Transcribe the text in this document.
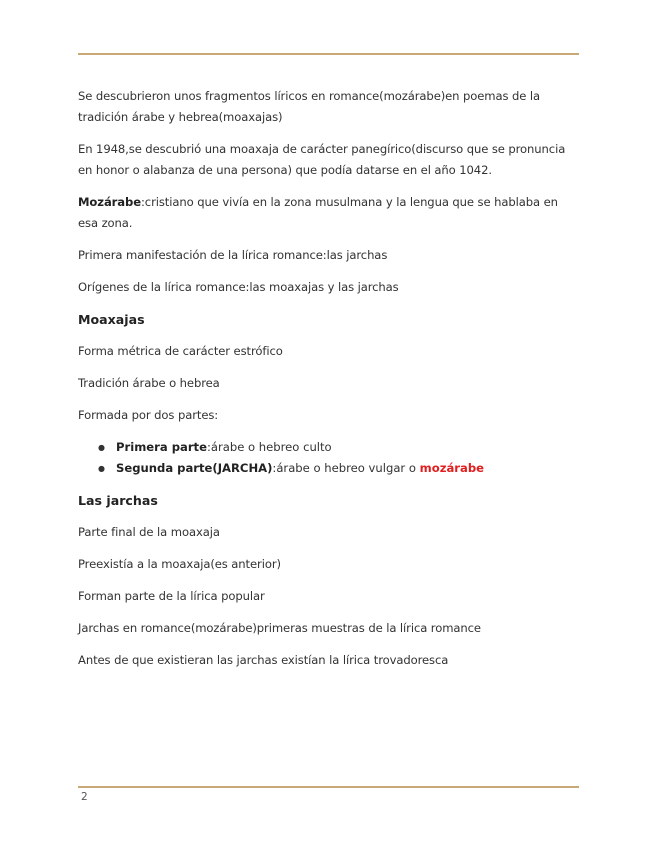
Se descubrieron unos fragmentos líricos en romance(mozárabe)en poemas de la tradición árabe y hebrea(moaxajas)

En 1948,se descubrió una moaxaja de carácter panegírico(discurso que se pronuncia en honor o alabanza de una persona) que podía datarse en el año 1042.

Mozárabe:cristiano que vivía en la zona musulmana y la lengua que se hablaba en esa zona.

Primera manifestación de la lírica romance:las jarchas

Orígenes de la lírica romance:las moaxajas y las jarchas

Moaxajas

Forma métrica de carácter estrófico

Tradición árabe o hebrea

Formada por dos partes:

● Primera parte:árabe o hebreo culto
● Segunda parte(JARCHA):árabe o hebreo vulgar o mozárabe
Las jarchas

Parte final de la moaxaja

Preexistía a la moaxaja(es anterior)

Forman parte de la lírica popular

Jarchas en romance(mozárabe)primeras muestras de la lírica romance

Antes de que existieran las jarchas existían la lírica trovadoresca

2
